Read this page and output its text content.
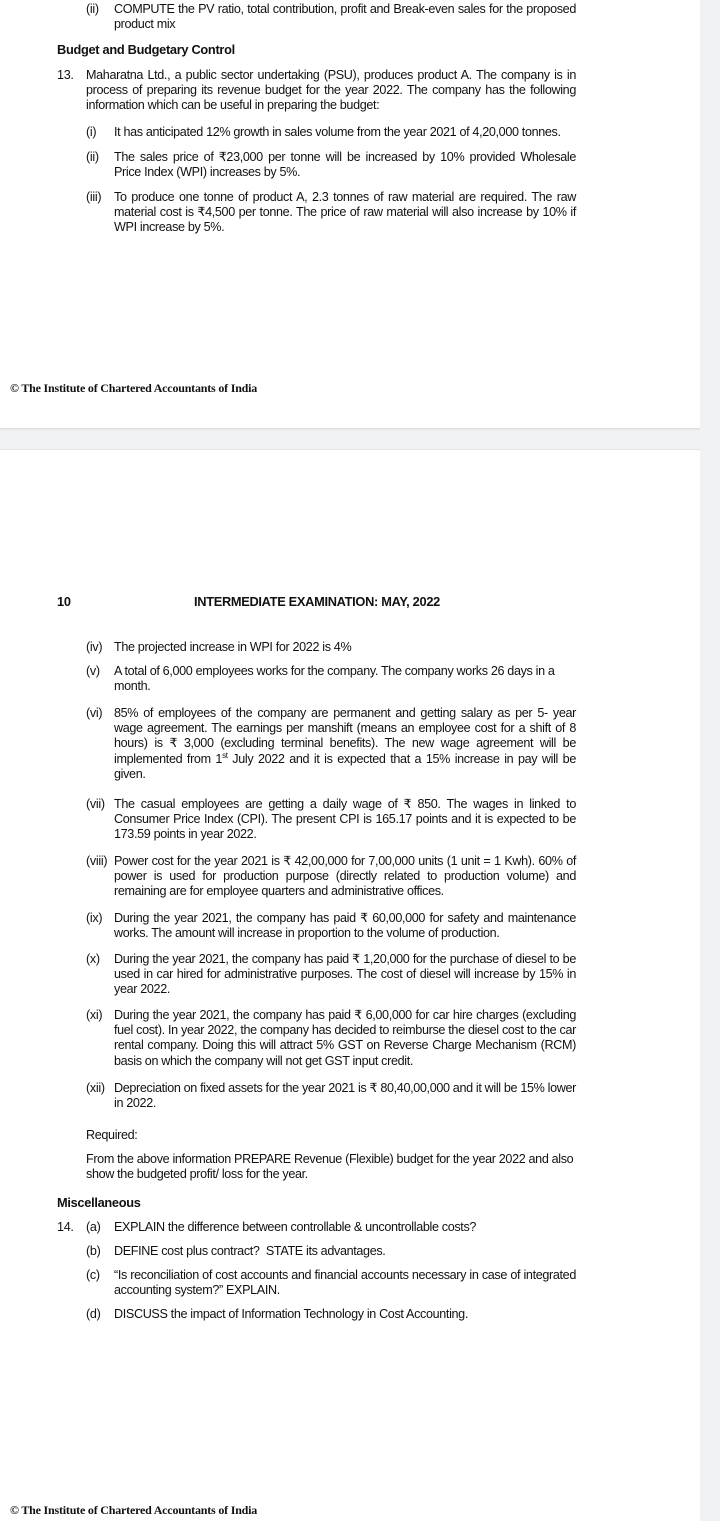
(ii) COMPUTE the PV ratio, total contribution, profit and Break-even sales for the proposed product mix
Budget and Budgetary Control
13. Maharatna Ltd., a public sector undertaking (PSU), produces product A. The company is in process of preparing its revenue budget for the year 2022. The company has the following information which can be useful in preparing the budget:
(i) It has anticipated 12% growth in sales volume from the year 2021 of 4,20,000 tonnes.
(ii) The sales price of ₹23,000 per tonne will be increased by 10% provided Wholesale Price Index (WPI) increases by 5%.
(iii) To produce one tonne of product A, 2.3 tonnes of raw material are required. The raw material cost is ₹4,500 per tonne. The price of raw material will also increase by 10% if WPI increase by 5%.
© The Institute of Chartered Accountants of India
10	INTERMEDIATE EXAMINATION: MAY, 2022
(iv) The projected increase in WPI for 2022 is 4%
(v) A total of 6,000 employees works for the company. The company works 26 days in a month.
(vi) 85% of employees of the company are permanent and getting salary as per 5- year wage agreement. The earnings per manshift (means an employee cost for a shift of 8 hours) is ₹ 3,000 (excluding terminal benefits). The new wage agreement will be implemented from 1st July 2022 and it is expected that a 15% increase in pay will be given.
(vii) The casual employees are getting a daily wage of ₹ 850. The wages in linked to Consumer Price Index (CPI). The present CPI is 165.17 points and it is expected to be 173.59 points in year 2022.
(viii) Power cost for the year 2021 is ₹ 42,00,000 for 7,00,000 units (1 unit = 1 Kwh). 60% of power is used for production purpose (directly related to production volume) and remaining are for employee quarters and administrative offices.
(ix) During the year 2021, the company has paid ₹ 60,00,000 for safety and maintenance works. The amount will increase in proportion to the volume of production.
(x) During the year 2021, the company has paid ₹ 1,20,000 for the purchase of diesel to be used in car hired for administrative purposes. The cost of diesel will increase by 15% in year 2022.
(xi) During the year 2021, the company has paid ₹ 6,00,000 for car hire charges (excluding fuel cost). In year 2022, the company has decided to reimburse the diesel cost to the car rental company. Doing this will attract 5% GST on Reverse Charge Mechanism (RCM) basis on which the company will not get GST input credit.
(xii) Depreciation on fixed assets for the year 2021 is ₹ 80,40,00,000 and it will be 15% lower in 2022.
Required:
From the above information PREPARE Revenue (Flexible) budget for the year 2022 and also show the budgeted profit/ loss for the year.
Miscellaneous
14. (a) EXPLAIN the difference between controllable & uncontrollable costs?
(b) DEFINE cost plus contract?  STATE its advantages.
(c) “Is reconciliation of cost accounts and financial accounts necessary in case of integrated accounting system?” EXPLAIN.
(d) DISCUSS the impact of Information Technology in Cost Accounting.
© The Institute of Chartered Accountants of India
